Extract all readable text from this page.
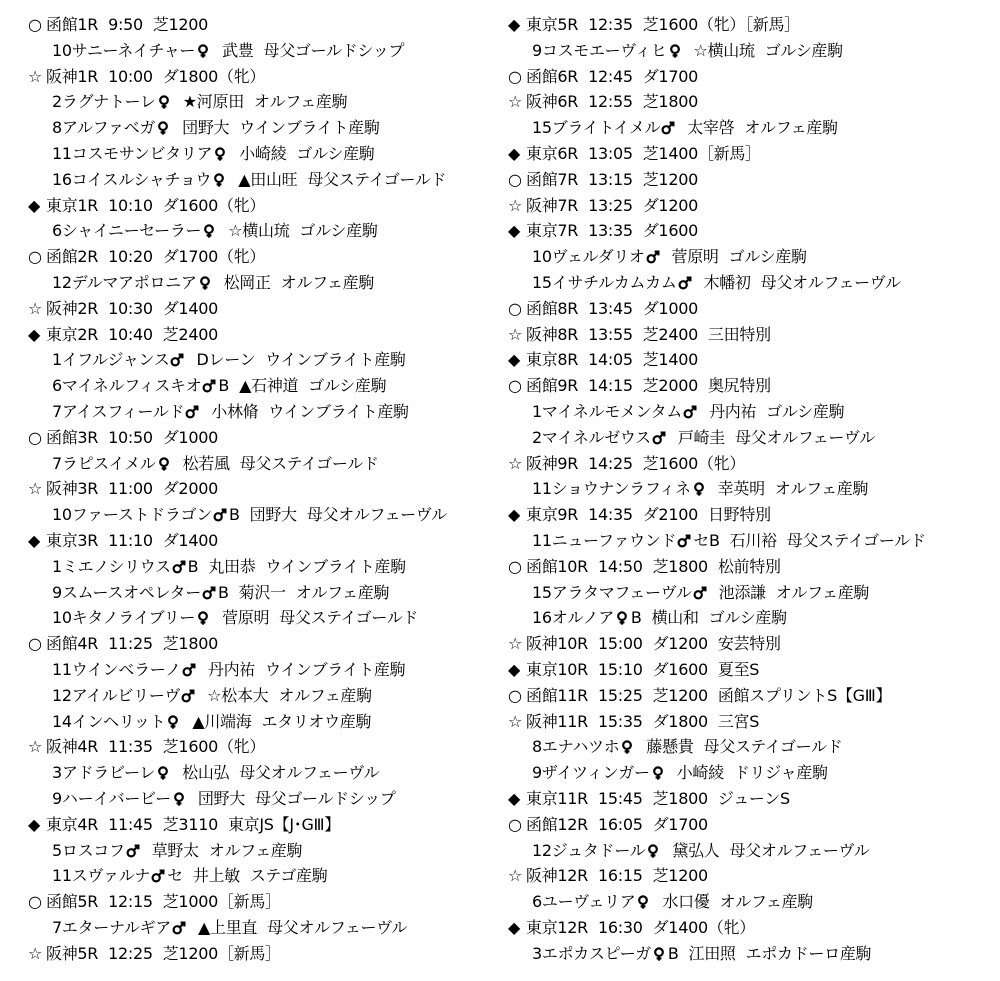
○ 函館1R 9:50 芝1200
10サニーネイチャー 武豊 母父ゴールドシップ
☆ 阪神1R 10:00 ダ1800（牝）
2ラグナトーレ ★河原田 オルフェ産駒
8アルファベガ 団野大 ウインブライト産駒
11コスモサンビタリア 小崎綾 ゴルシ産駒
16コイスルシャチョウ ▲田山旺 母父ステイゴールド
◆ 東京1R 10:10 ダ1600（牝）
6シャイニーセーラー ☆横山琉 ゴルシ産駒
○ 函館2R 10:20 ダ1700（牝）
12デルマアポロニア 松岡正 オルフェ産駒
☆ 阪神2R 10:30 ダ1400
◆ 東京2R 10:40 芝2400
1イフルジャンス Dレーン ウインブライト産駒
6マイネルフィスキオ B ▲石神道 ゴルシ産駒
7アイスフィールド 小林脩 ウインブライト産駒
○ 函館3R 10:50 ダ1000
7ラピスイメル 松若風 母父ステイゴールド
☆ 阪神3R 11:00 ダ2000
10ファーストドラゴン B 団野大 母父オルフェーヴル
◆ 東京3R 11:10 ダ1400
1ミエノシリウス B 丸田恭 ウインブライト産駒
9スムースオペレター B 菊沢一 オルフェ産駒
10キタノライブリー 菅原明 母父ステイゴールド
○ 函館4R 11:25 芝1800
11ウインベラーノ 丹内祐 ウインブライト産駒
12アイルビリーヴ ☆松本大 オルフェ産駒
14インヘリット ▲川端海 エタリオウ産駒
☆ 阪神4R 11:35 芝1600（牝）
3アドラビーレ 松山弘 母父オルフェーヴル
9ハーイバービー 団野大 母父ゴールドシップ
◆ 東京4R 11:45 芝3110 東京JS【J･GⅢ】
5ロスコフ 草野太 オルフェ産駒
11スヴァルナ セ 井上敏 ステゴ産駒
○ 函館5R 12:15 芝1000［新馬］
7エターナルギア ▲上里直 母父オルフェーヴル
☆ 阪神5R 12:25 芝1200［新馬］
◆ 東京5R 12:35 芝1600（牝）［新馬］
9コスモエーヴィヒ ☆横山琉 ゴルシ産駒
○ 函館6R 12:45 ダ1700
☆ 阪神6R 12:55 芝1800
15ブライトイメル 太宰啓 オルフェ産駒
◆ 東京6R 13:05 芝1400［新馬］
○ 函館7R 13:15 芝1200
☆ 阪神7R 13:25 ダ1200
◆ 東京7R 13:35 ダ1600
10ヴェルダリオ 菅原明 ゴルシ産駒
15イサチルカムカム 木幡初 母父オルフェーヴル
○ 函館8R 13:45 ダ1000
☆ 阪神8R 13:55 芝2400 三田特別
◆ 東京8R 14:05 芝1400
○ 函館9R 14:15 芝2000 奥尻特別
1マイネルモメンタム 丹内祐 ゴルシ産駒
2マイネルゼウス 戸崎圭 母父オルフェーヴル
☆ 阪神9R 14:25 芝1600（牝）
11ショウナンラフィネ 幸英明 オルフェ産駒
◆ 東京9R 14:35 ダ2100 日野特別
11ニューファウンド セB 石川裕 母父ステイゴールド
○ 函館10R 14:50 芝1800 松前特別
15アラタマフェーヴル 池添謙 オルフェ産駒
16オルノア B 横山和 ゴルシ産駒
☆ 阪神10R 15:00 ダ1200 安芸特別
◆ 東京10R 15:10 ダ1600 夏至S
○ 函館11R 15:25 芝1200 函館スプリントS【GⅢ】
☆ 阪神11R 15:35 ダ1800 三宮S
8エナハツホ 藤懸貴 母父ステイゴールド
9ザイツィンガー 小崎綾 ドリジャ産駒
◆ 東京11R 15:45 芝1800 ジューンS
○ 函館12R 16:05 ダ1700
12ジュタドール 黛弘人 母父オルフェーヴル
☆ 阪神12R 16:15 芝1200
6ユーヴェリア 水口優 オルフェ産駒
◆ 東京12R 16:30 ダ1400（牝）
3エポカスピーガ B 江田照 エポカドーロ産駒
